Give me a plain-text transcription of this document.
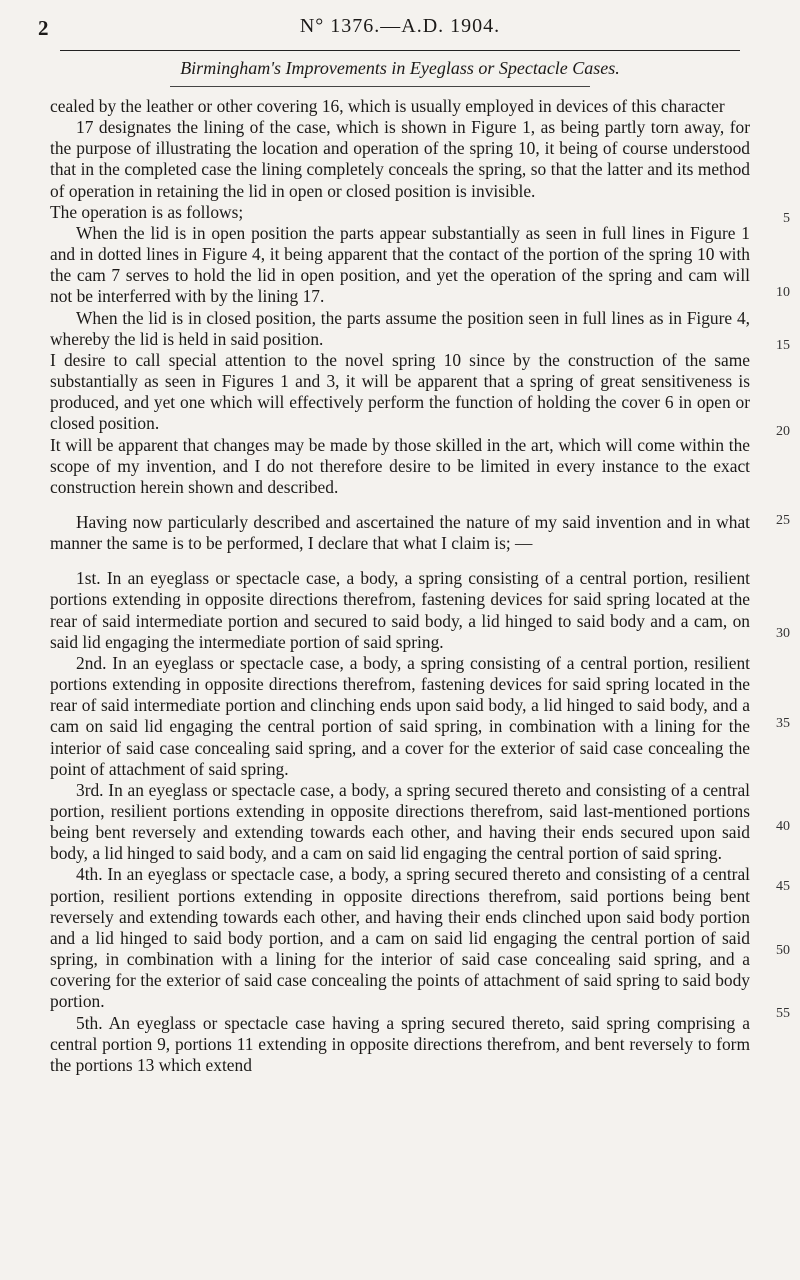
2	N° 1376.—A.D. 1904.
Birmingham's Improvements in Eyeglass or Spectacle Cases.

cealed by the leather or other covering 16, which is usually employed in devices of this character

17 designates the lining of the case, which is shown in Figure 1, as being partly torn away, for the purpose of illustrating the location and operation of the spring 10, it being of course understood that in the completed case the lining completely conceals the spring, so that the latter and its method of operation in retaining the lid in open or closed position is invisible.

The operation is as follows;

When the lid is in open position the parts appear substantially as seen in full lines in Figure 1 and in dotted lines in Figure 4, it being apparent that the contact of the portion of the spring 10 with the cam 7 serves to hold the lid in open position, and yet the operation of the spring and cam will not be interferred with by the lining 17.

When the lid is in closed position, the parts assume the position seen in full lines as in Figure 4, whereby the lid is held in said position.

I desire to call special attention to the novel spring 10 since by the construction of the same substantially as seen in Figures 1 and 3, it will be apparent that a spring of great sensitiveness is produced, and yet one which will effectively perform the function of holding the cover 6 in open or closed position.

It will be apparent that changes may be made by those skilled in the art, which will come within the scope of my invention, and I do not therefore desire to be limited in every instance to the exact construction herein shown and described.

Having now particularly described and ascertained the nature of my said invention and in what manner the same is to be performed, I declare that what I claim is; —

1st. In an eyeglass or spectacle case, a body, a spring consisting of a central portion, resilient portions extending in opposite directions therefrom, fastening devices for said spring located at the rear of said intermediate portion and secured to said body, a lid hinged to said body and a cam, on said lid engaging the intermediate portion of said spring.

2nd. In an eyeglass or spectacle case, a body, a spring consisting of a central portion, resilient portions extending in opposite directions therefrom, fastening devices for said spring located in the rear of said intermediate portion and clinching ends upon said body, a lid hinged to said body, and a cam on said lid engaging the central portion of said spring, in combination with a lining for the interior of said case concealing said spring, and a cover for the exterior of said case concealing the point of attachment of said spring.

3rd. In an eyeglass or spectacle case, a body, a spring secured thereto and consisting of a central portion, resilient portions extending in opposite directions therefrom, said last-mentioned portions being bent reversely and extending towards each other, and having their ends secured upon said body, a lid hinged to said body, and a cam on said lid engaging the central portion of said spring.

4th. In an eyeglass or spectacle case, a body, a spring secured thereto and consisting of a central portion, resilient portions extending in opposite directions therefrom, said portions being bent reversely and extending towards each other, and having their ends clinched upon said body portion and a lid hinged to said body portion, and a cam on said lid engaging the central portion of said spring, in combination with a lining for the interior of said case concealing said spring, and a covering for the exterior of said case concealing the points of attachment of said spring to said body portion.

5th. An eyeglass or spectacle case having a spring secured thereto, said spring comprising a central portion 9, portions 11 extending in opposite directions therefrom, and bent reversely to form the portions 13 which extend

5
10
15
20
25
30
35
40
45
50
55
